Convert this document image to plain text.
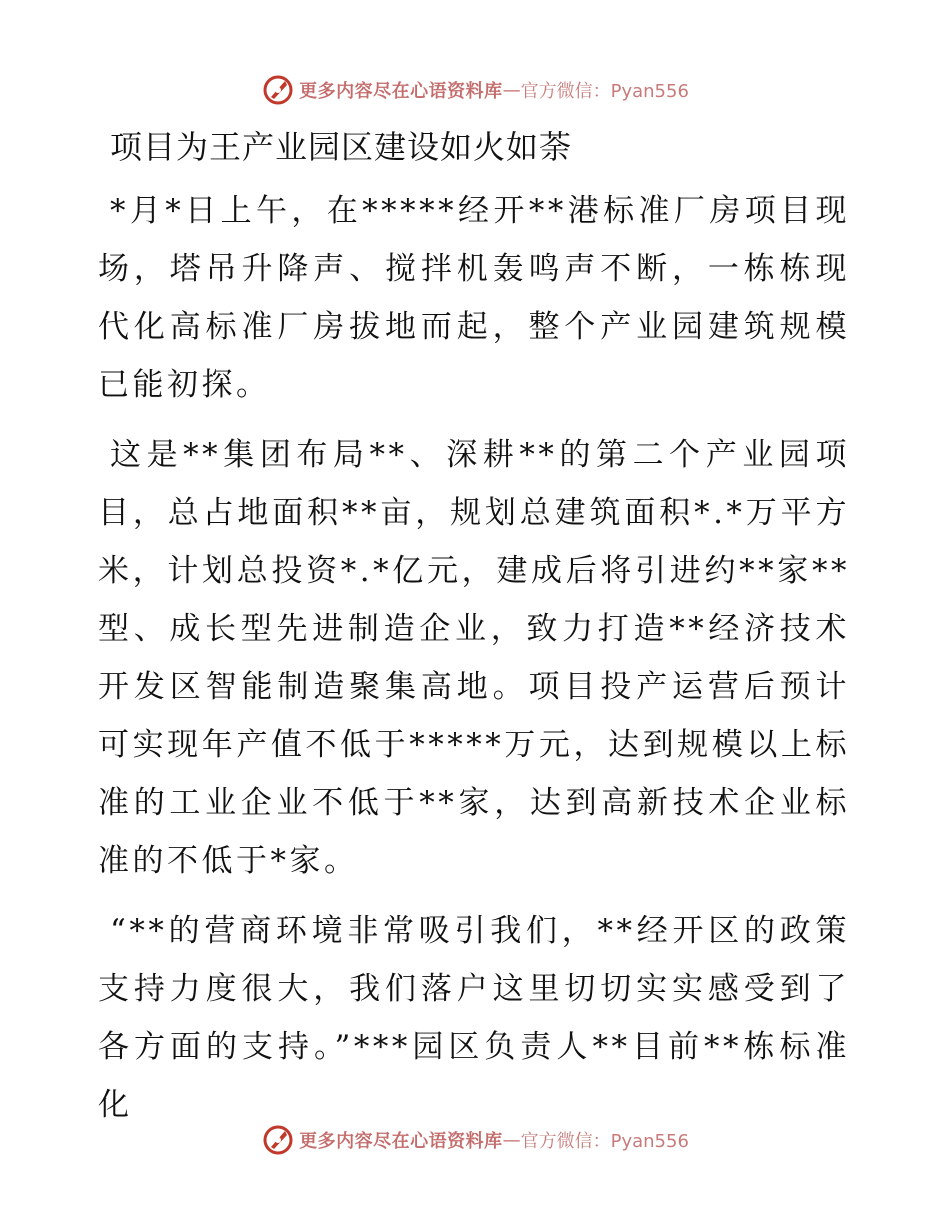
更多内容尽在心语资料库 — 官方微信：Pyan556
项目为王产业园区建设如火如荼

*月*日上午，在*****经开**港标准厂房项目现场，塔吊升降声、搅拌机轰鸣声不断，一栋栋现代化高标准厂房拔地而起，整个产业园建筑规模已能初探。

这是**集团布局**、深耕**的第二个产业园项目，总占地面积**亩，规划总建筑面积*.*万平方米，计划总投资*.*亿元，建成后将引进约**家**型、成长型先进制造企业，致力打造**经济技术开发区智能制造聚集高地。项目投产运营后预计可实现年产值不低于*****万元，达到规模以上标准的工业企业不低于**家，达到高新技术企业标准的不低于*家。

“**的营商环境非常吸引我们，**经开区的政策支持力度很大，我们落户这里切切实实感受到了各方面的支持。”***园区负责人**目前**栋标准化

更多内容尽在心语资料库 — 官方微信：Pyan556
